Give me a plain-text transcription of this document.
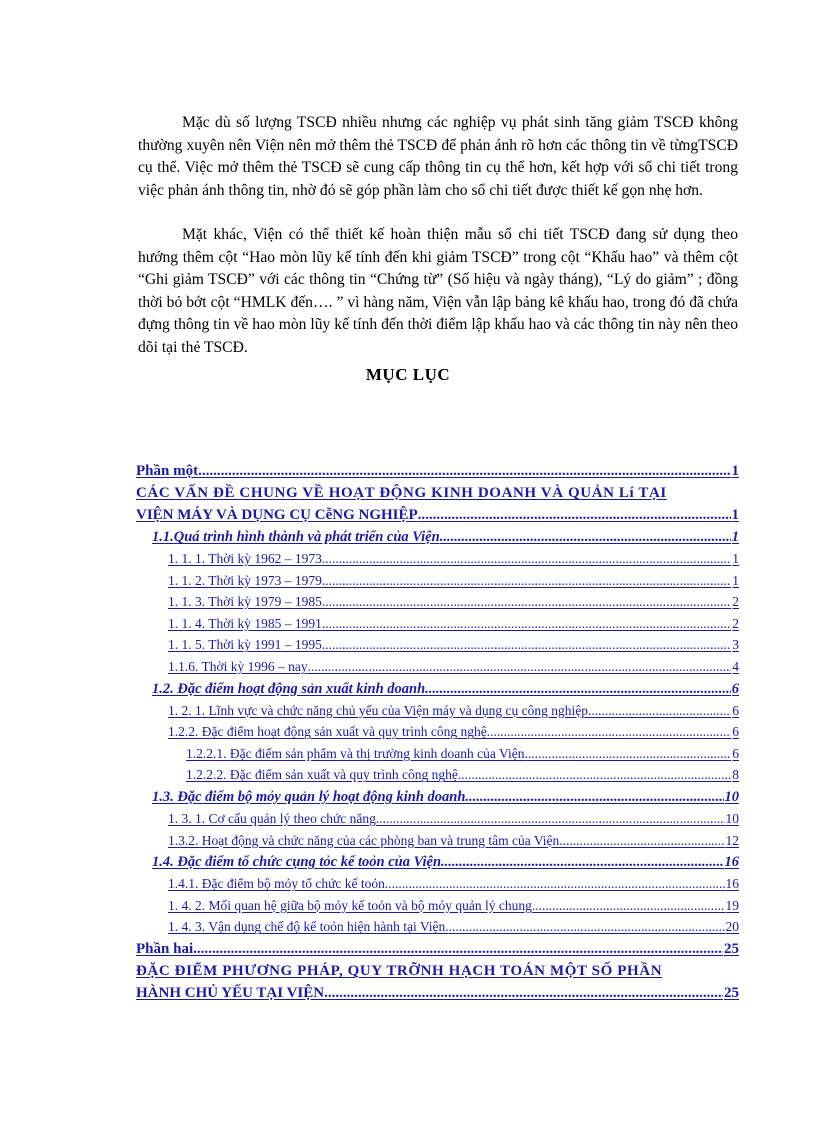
Mặc dù số lượng TSCĐ nhiều nhưng các nghiệp vụ phát sinh tăng giảm TSCĐ không thường xuyên nên Viện nên mở thêm thẻ TSCĐ để phản ánh rõ hơn các thông tin về từngTSCĐ cụ thể. Việc mở thêm thẻ TSCĐ sẽ cung cấp thông tin cụ thể hơn, kết hợp với sổ chi tiết trong việc phản ánh thông tin, nhờ đó sẽ góp phần làm cho sổ chi tiết được thiết kế gọn nhẹ hơn.

Mặt khác, Viện có thể thiết kế hoàn thiện mẫu sổ chi tiết TSCĐ đang sử dụng theo hướng thêm cột “Hao mòn lũy kế tính đến khi giảm TSCĐ” trong cột “Khấu hao” và thêm cột “Ghi giảm TSCĐ” với các thông tin “Chứng từ” (Số hiệu và ngày tháng), “Lý do giảm” ; đồng thời bỏ bớt cột “HMLK đến…. ” vì hàng năm, Viện vẫn lập bảng kê khấu hao, trong đó đã chứa đựng thông tin về hao mòn lũy kế tính đến thời điểm lập khấu hao và các thông tin này nên theo dõi tại thẻ TSCĐ.

MỤC LỤC
Phần một .....	1
CÁC VẤN ĐỀ CHUNG VỀ HOẠT ĐỘNG KINH DOANH VÀ QUẢN Lí TẠI
VIỆN MÁY VÀ DỤNG CỤ CễNG NGHIỆP .....	1
1.1.Quá trình hình thành và phát triển của Viện .....	1
1. 1. 1. Thời kỳ 1962 – 1973 .....	1
1. 1. 2. Thời kỳ 1973 – 1979 .....	1
1. 1. 3. Thời kỳ 1979 – 1985 .....	2
1. 1. 4. Thời kỳ 1985 – 1991 .....	2
1. 1. 5. Thời kỳ 1991 – 1995 .....	3
1.1.6. Thời kỳ 1996 – nay .....	4
1.2. Đặc điểm hoạt động sản xuất kinh doanh. .....	6
1. 2. 1. Lĩnh vực và chức năng chủ yếu của Viện máy và dụng cụ công nghiệp .....	6
1.2.2. Đặc điểm hoạt động sản xuất và quy trình công nghệ. .....	6
1.2.2.1. Đặc điểm sản phẩm và thị trường kinh doanh của Viện. .....	6
1.2.2.2. Đặc điểm sản xuất và quy trình công nghệ .....	8
1.3. Đặc điểm bộ mỏy quản lý hoạt động kinh doanh .....	10
1. 3. 1. Cơ cấu quản lý theo chức năng .....	10
1.3.2. Hoạt động và chức năng của các phòng ban và trung tâm của Viện .....	12
1.4. Đặc điểm tổ chức cụng tỏc kế toỏn của Viện .....	16
1.4.1. Đặc điểm bộ mỏy tổ chức kế toỏn. .....	16
1. 4. 2. Mối quan hệ giữa bộ mỏy kế toỏn và bộ mỏy quản lý chung .....	19
1. 4. 3. Vận dụng chế độ kế toỏn hiện hành tại Viện. .....	20
Phần hai .....	25
ĐẶC ĐIỂM PHƯƠNG PHÁP, QUY TRỠNH HẠCH TOÁN MỘT SỐ PHẦN
HÀNH CHỦ YẾU TẠI VIỆN .....	25
